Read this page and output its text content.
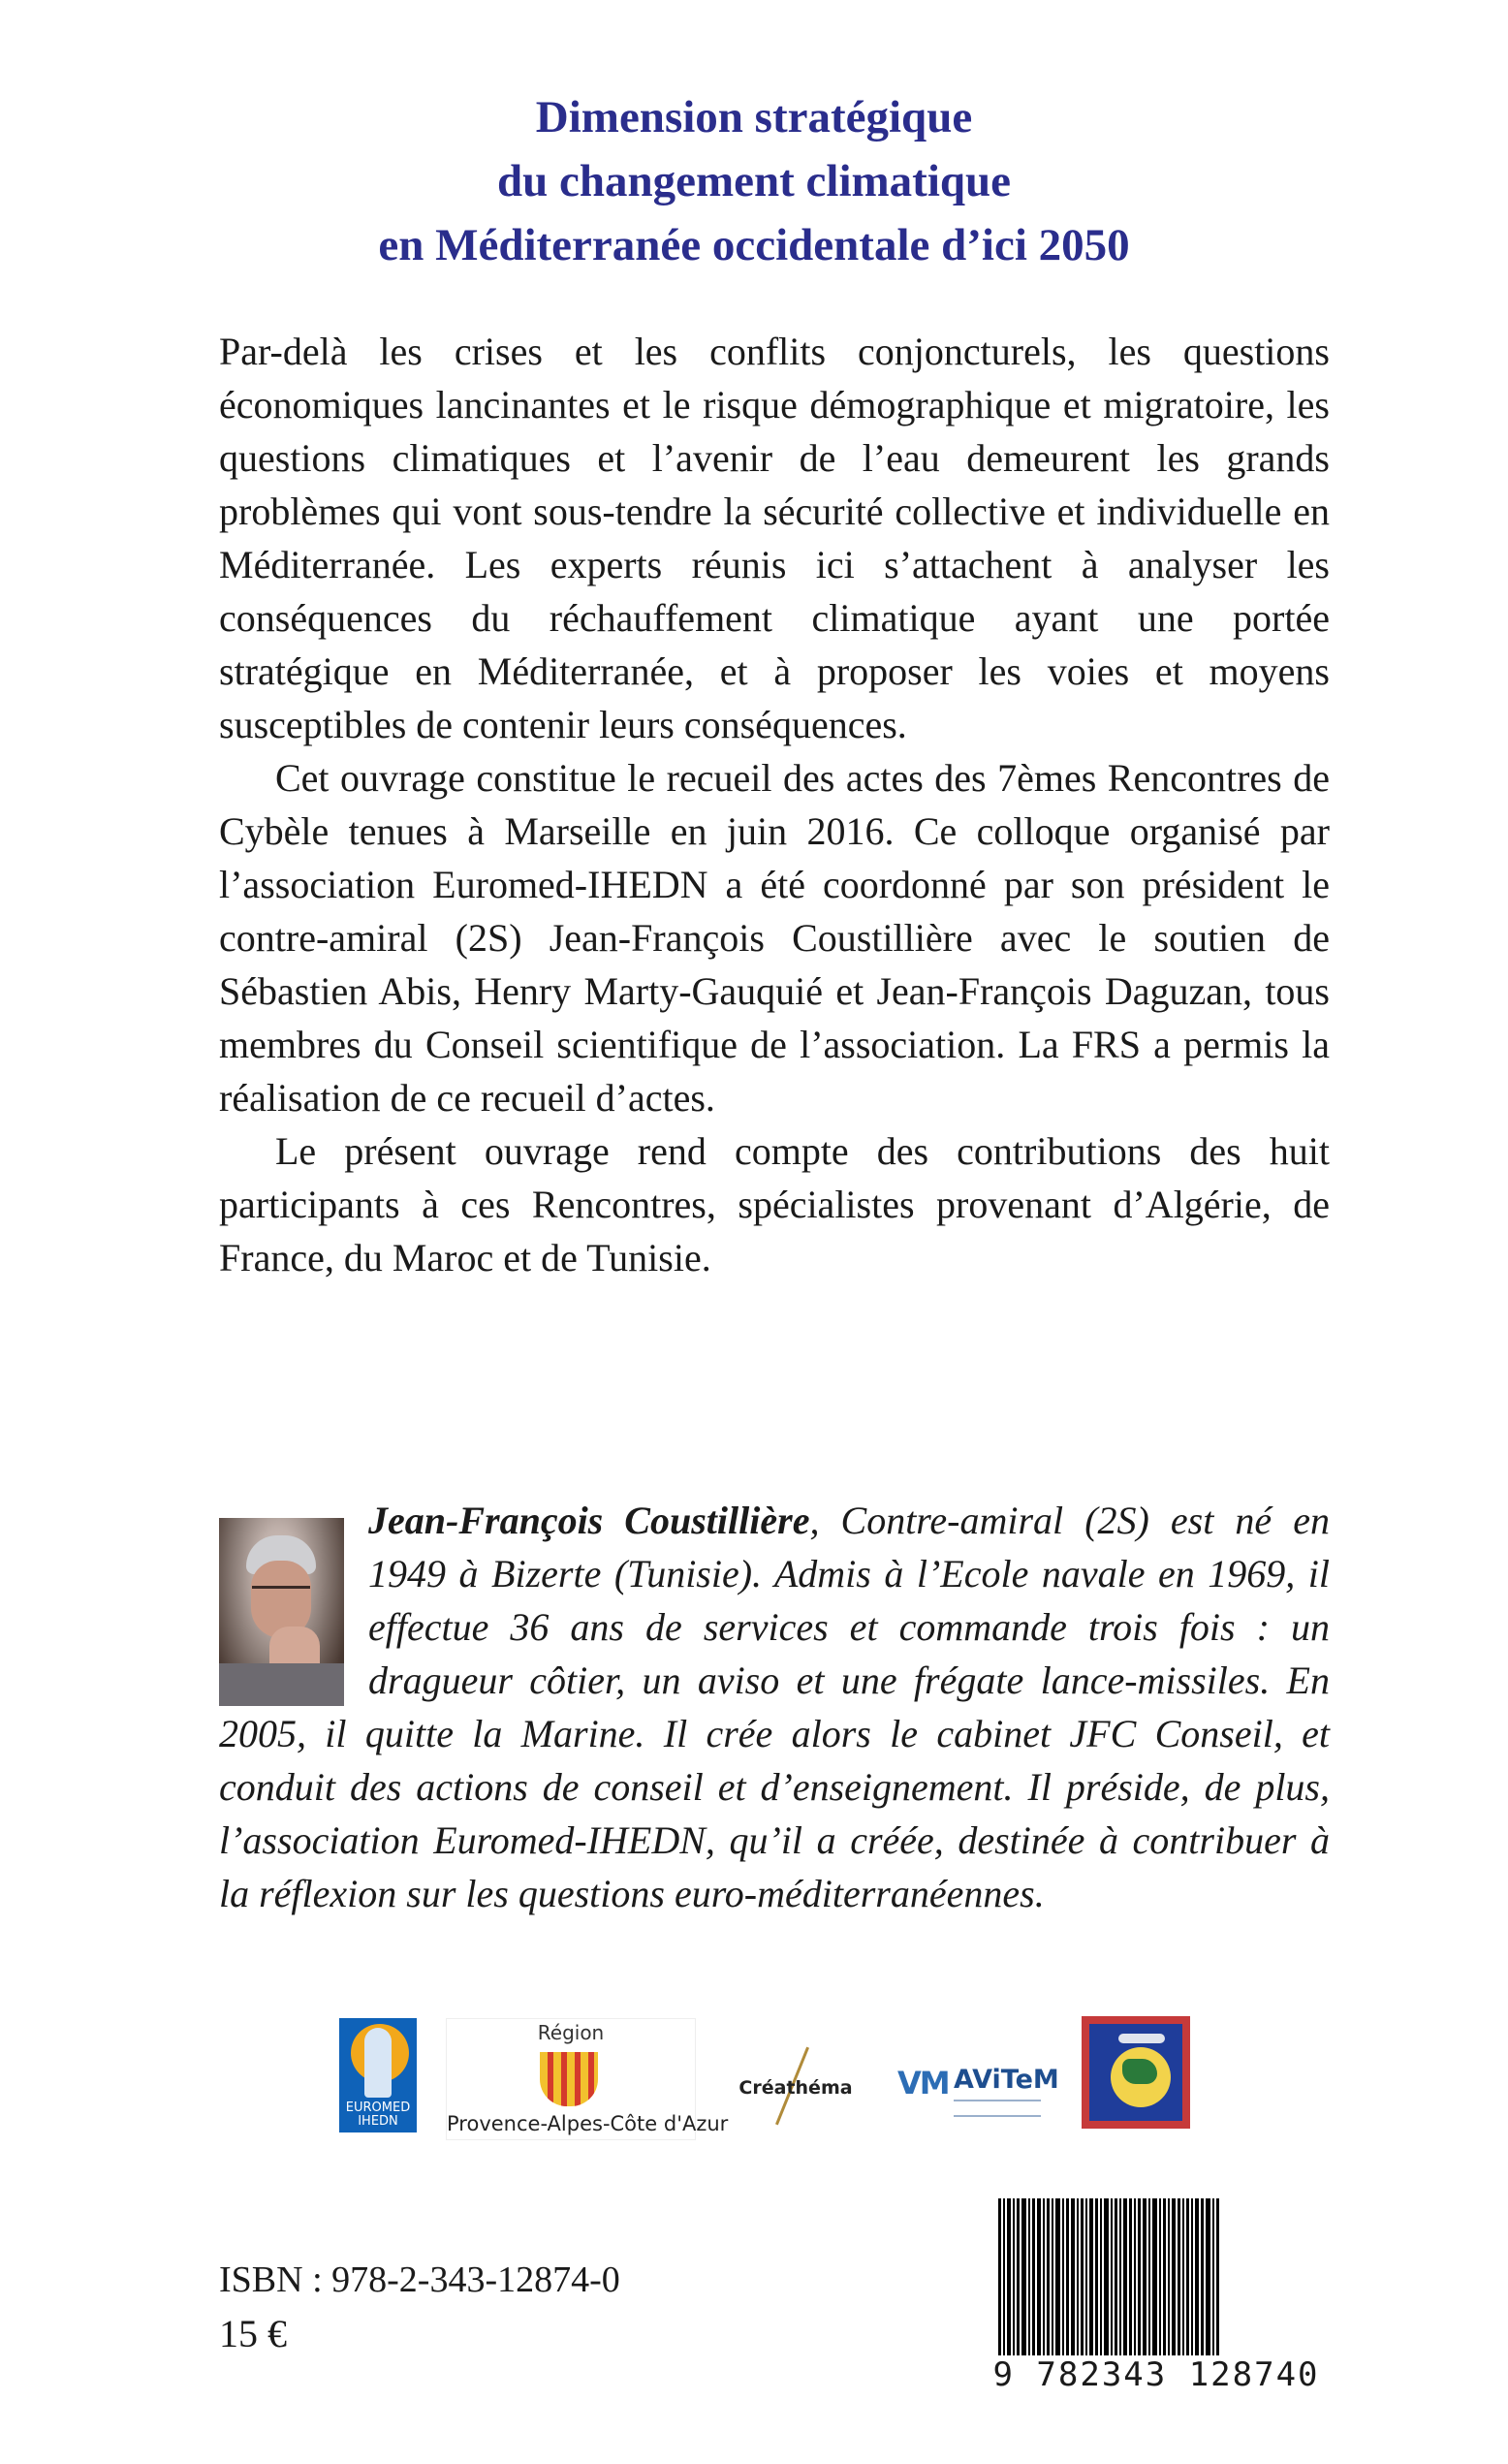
Dimension stratégique
du changement climatique
en Méditerranée occidentale d’ici 2050

Par-delà les crises et les conflits conjoncturels, les questions économiques lancinantes et le risque démographique et migratoire, les questions climatiques et l’avenir de l’eau demeurent les grands problèmes qui vont sous-tendre la sécurité collective et individuelle en Méditerranée. Les experts réunis ici s’attachent à analyser les conséquences du réchauffement climatique ayant une portée stratégique en Méditerranée, et à proposer les voies et moyens susceptibles de contenir leurs conséquences.

Cet ouvrage constitue le recueil des actes des 7èmes Rencontres de Cybèle tenues à Marseille en juin 2016. Ce colloque organisé par l’association Euromed-IHEDN a été coordonné par son président le contre-amiral (2S) Jean-François Coustillière avec le soutien de Sébastien Abis, Henry Marty-Gauquié et Jean-François Daguzan, tous membres du Conseil scientifique de l’association. La FRS a permis la réalisation de ce recueil d’actes.

Le présent ouvrage rend compte des contributions des huit participants à ces Rencontres, spécialistes provenant d’Algérie, de France, du Maroc et de Tunisie.

Jean-François Coustillière, Contre-amiral (2S) est né en 1949 à Bizerte (Tunisie). Admis à l’Ecole navale en 1969, il effectue 36 ans de services et commande trois fois : un dragueur côtier, un aviso et une frégate lance-missiles. En 2005, il quitte la Marine. Il crée alors le cabinet JFC Conseil, et conduit des actions de conseil et d’enseignement. Il préside, de plus, l’association Euromed-IHEDN, qu’il a créée, destinée à contribuer à la réflexion sur les questions euro-méditerranéennes.
EUROMED
IHEDN
Région
Provence-Alpes-Côte d'Azur
Créathéma VM AViTeM
ISBN : 978-2-343-12874-0
15 €
9 782343 128740
